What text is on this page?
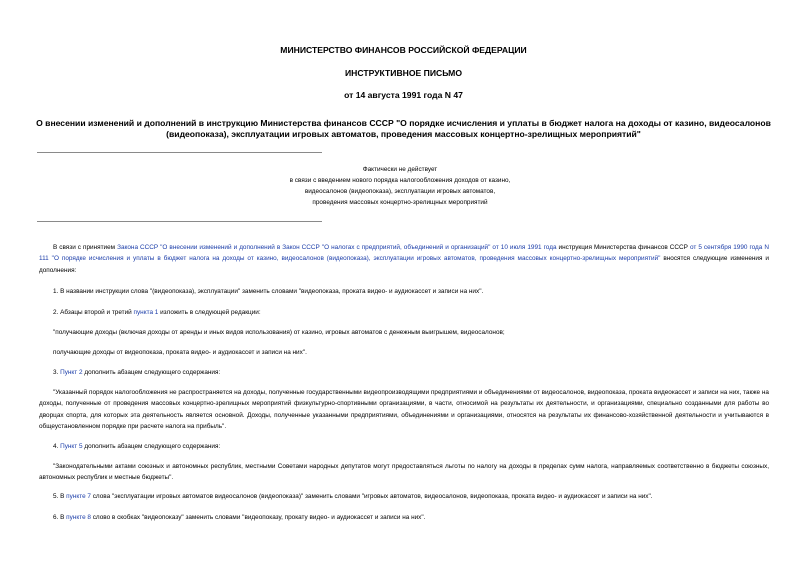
МИНИСТЕРСТВО ФИНАНСОВ РОССИЙСКОЙ ФЕДЕРАЦИИ
ИНСТРУКТИВНОЕ ПИСЬМО
от 14 августа 1991 года N 47
О внесении изменений и дополнений в инструкцию Министерства финансов СССР "О порядке исчисления и уплаты в бюджет налога на доходы от казино, видеосалонов (видеопоказа), эксплуатации игровых автоматов, проведения массовых концертно-зрелищных мероприятий"
Фактически не действует
в связи с введением нового порядка налогообложения доходов от казино,
видеосалонов (видеопоказа), эксплуатации игровых автоматов,
проведения массовых концертно-зрелищных мероприятий
В связи с принятием Закона СССР "О внесении изменений и дополнений в Закон СССР "О налогах с предприятий, объединений и организаций" от 10 июля 1991 года инструкция Министерства финансов СССР от 5 сентября 1990 года N 111 "О порядке исчисления и уплаты в бюджет налога на доходы от казино, видеосалонов (видеопоказа), эксплуатации игровых автоматов, проведения массовых концертно-зрелищных мероприятий" вносятся следующие изменения и дополнения:
1. В названии инструкции слова "(видеопоказа), эксплуатации" заменить словами "видеопоказа, проката видео- и аудиокассет и записи на них".
2. Абзацы второй и третий пункта 1 изложить в следующей редакции:
"получающие доходы (включая доходы от аренды и иных видов использования) от казино, игровых автоматов с денежным выигрышем, видеосалонов;
получающие доходы от видеопоказа, проката видео- и аудиокассет и записи на них".
3. Пункт 2 дополнить абзацем следующего содержания:
"Указанный порядок налогообложения не распространяется на доходы, полученные государственными видеопроизводящими предприятиями и объединениями от видеосалонов, видеопоказа, проката видеокассет и записи на них, также на доходы, полученные от проведения массовых концертно-зрелищных мероприятий физкультурно-спортивными организациями, в части, относимой на результаты их деятельности, и организациями, специально созданными для работы во дворцах спорта, для которых эта деятельность является основной. Доходы, полученные указанными предприятиями, объединениями и организациями, относятся на результаты их финансово-хозяйственной деятельности и учитываются в общеустановленном порядке при расчете налога на прибыль".
4. Пункт 5 дополнить абзацем следующего содержания:
"Законодательными актами союзных и автономных республик, местными Советами народных депутатов могут предоставляться льготы по налогу на доходы в пределах сумм налога, направляемых соответственно в бюджеты союзных, автономных республик и местные бюджеты".
5. В пункте 7 слова "эксплуатации игровых автоматов видеосалонов (видеопоказа)" заменить словами "игровых автоматов, видеосалонов, видеопоказа, проката видео- и аудиокассет и записи на них".
6. В пункте 8 слово в скобках "видеопоказу" заменить словами "видеопоказу, прокату видео- и аудиокассет и записи на них".
